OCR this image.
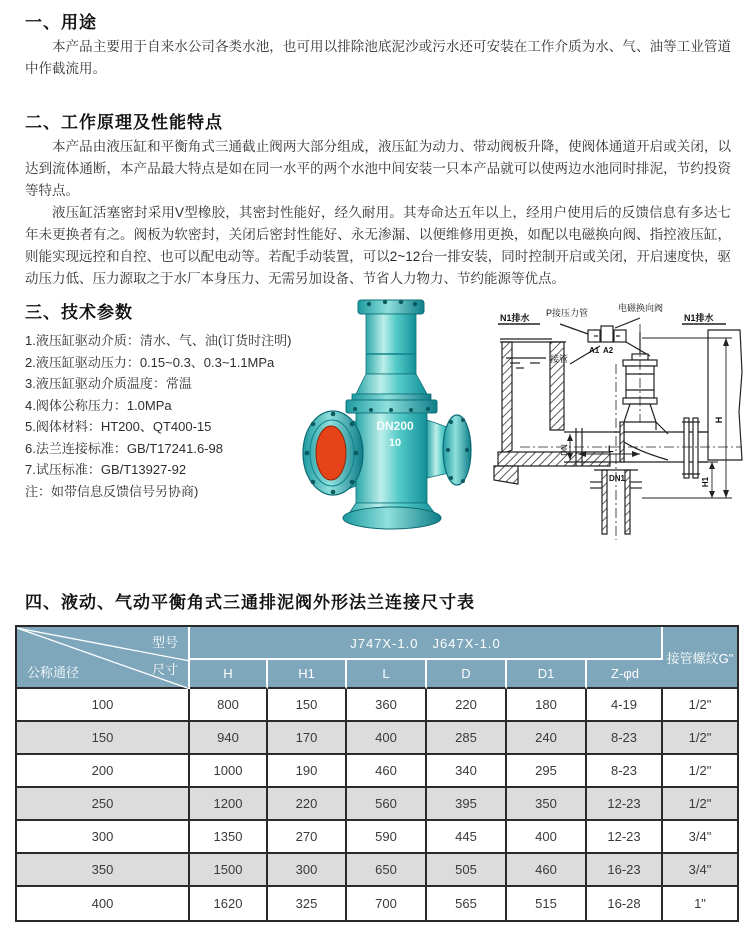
一、用途

本产品主要用于自来水公司各类水池，也可用以排除池底泥沙或污水还可安装在工作介质为水、气、油等工业管道中作截流用。

二、工作原理及性能特点

本产品由液压缸和平衡角式三通截止阀两大部分组成，液压缸为动力、带动阀板升降，使阀体通道开启或关闭，以达到流体通断，本产品最大特点是如在同一水平的两个水池中间安装一只本产品就可以使两边水池同时排泥，节约投资等特点。

液压缸活塞密封采用V型橡胶，其密封性能好，经久耐用。其寿命达五年以上，经用户使用后的反馈信息有多达七年未更换者有之。阀板为软密封，关闭后密封性能好、永无渗漏、以便维修用更换，如配以电磁换向阀、指控液压缸，则能实现远控和自控、也可以配电动等。若配手动装置，可以2~12台一排安装，同时控制开启或关闭，开启速度快，驱动压力低、压力源取之于水厂本身压力、无需另加设备、节省人力物力、节约能源等优点。

三、技术参数
1.液压缸驱动介质：清水、气、油(订货时注明)
2.液压缸驱动压力：0.15~0.3、0.3~1.1MPa
3.液压缸驱动介质温度：常温
4.阀体公称压力：1.0MPa
5.阀体材料：HT200、QT400-15
6.法兰连接标准：GB/T17241.6-98
7.试压标准：GB/T13927-92
注：如带信息反馈信号另协商)
DN200
10
N1排水 P接压力管	电磁换向阀
N1排水
A1 A2
接管
DN1
DN
H
H1
L
四、液动、气动平衡角式三通排泥阀外形法兰连接尺寸表
型号
尺寸
公称通径	J747X-1.0　J647X-1.0						接管螺纹G"
	H	H1	L	D	D1	Z-φd	
100	800	150	360	220	180	4-19	1/2"
150	940	170	400	285	240	8-23	1/2"
200	1000	190	460	340	295	8-23	1/2"
250	1200	220	560	395	350	12-23	1/2"
300	1350	270	590	445	400	12-23	3/4"
350	1500	300	650	505	460	16-23	3/4"
400	1620	325	700	565	515	16-28	1"
